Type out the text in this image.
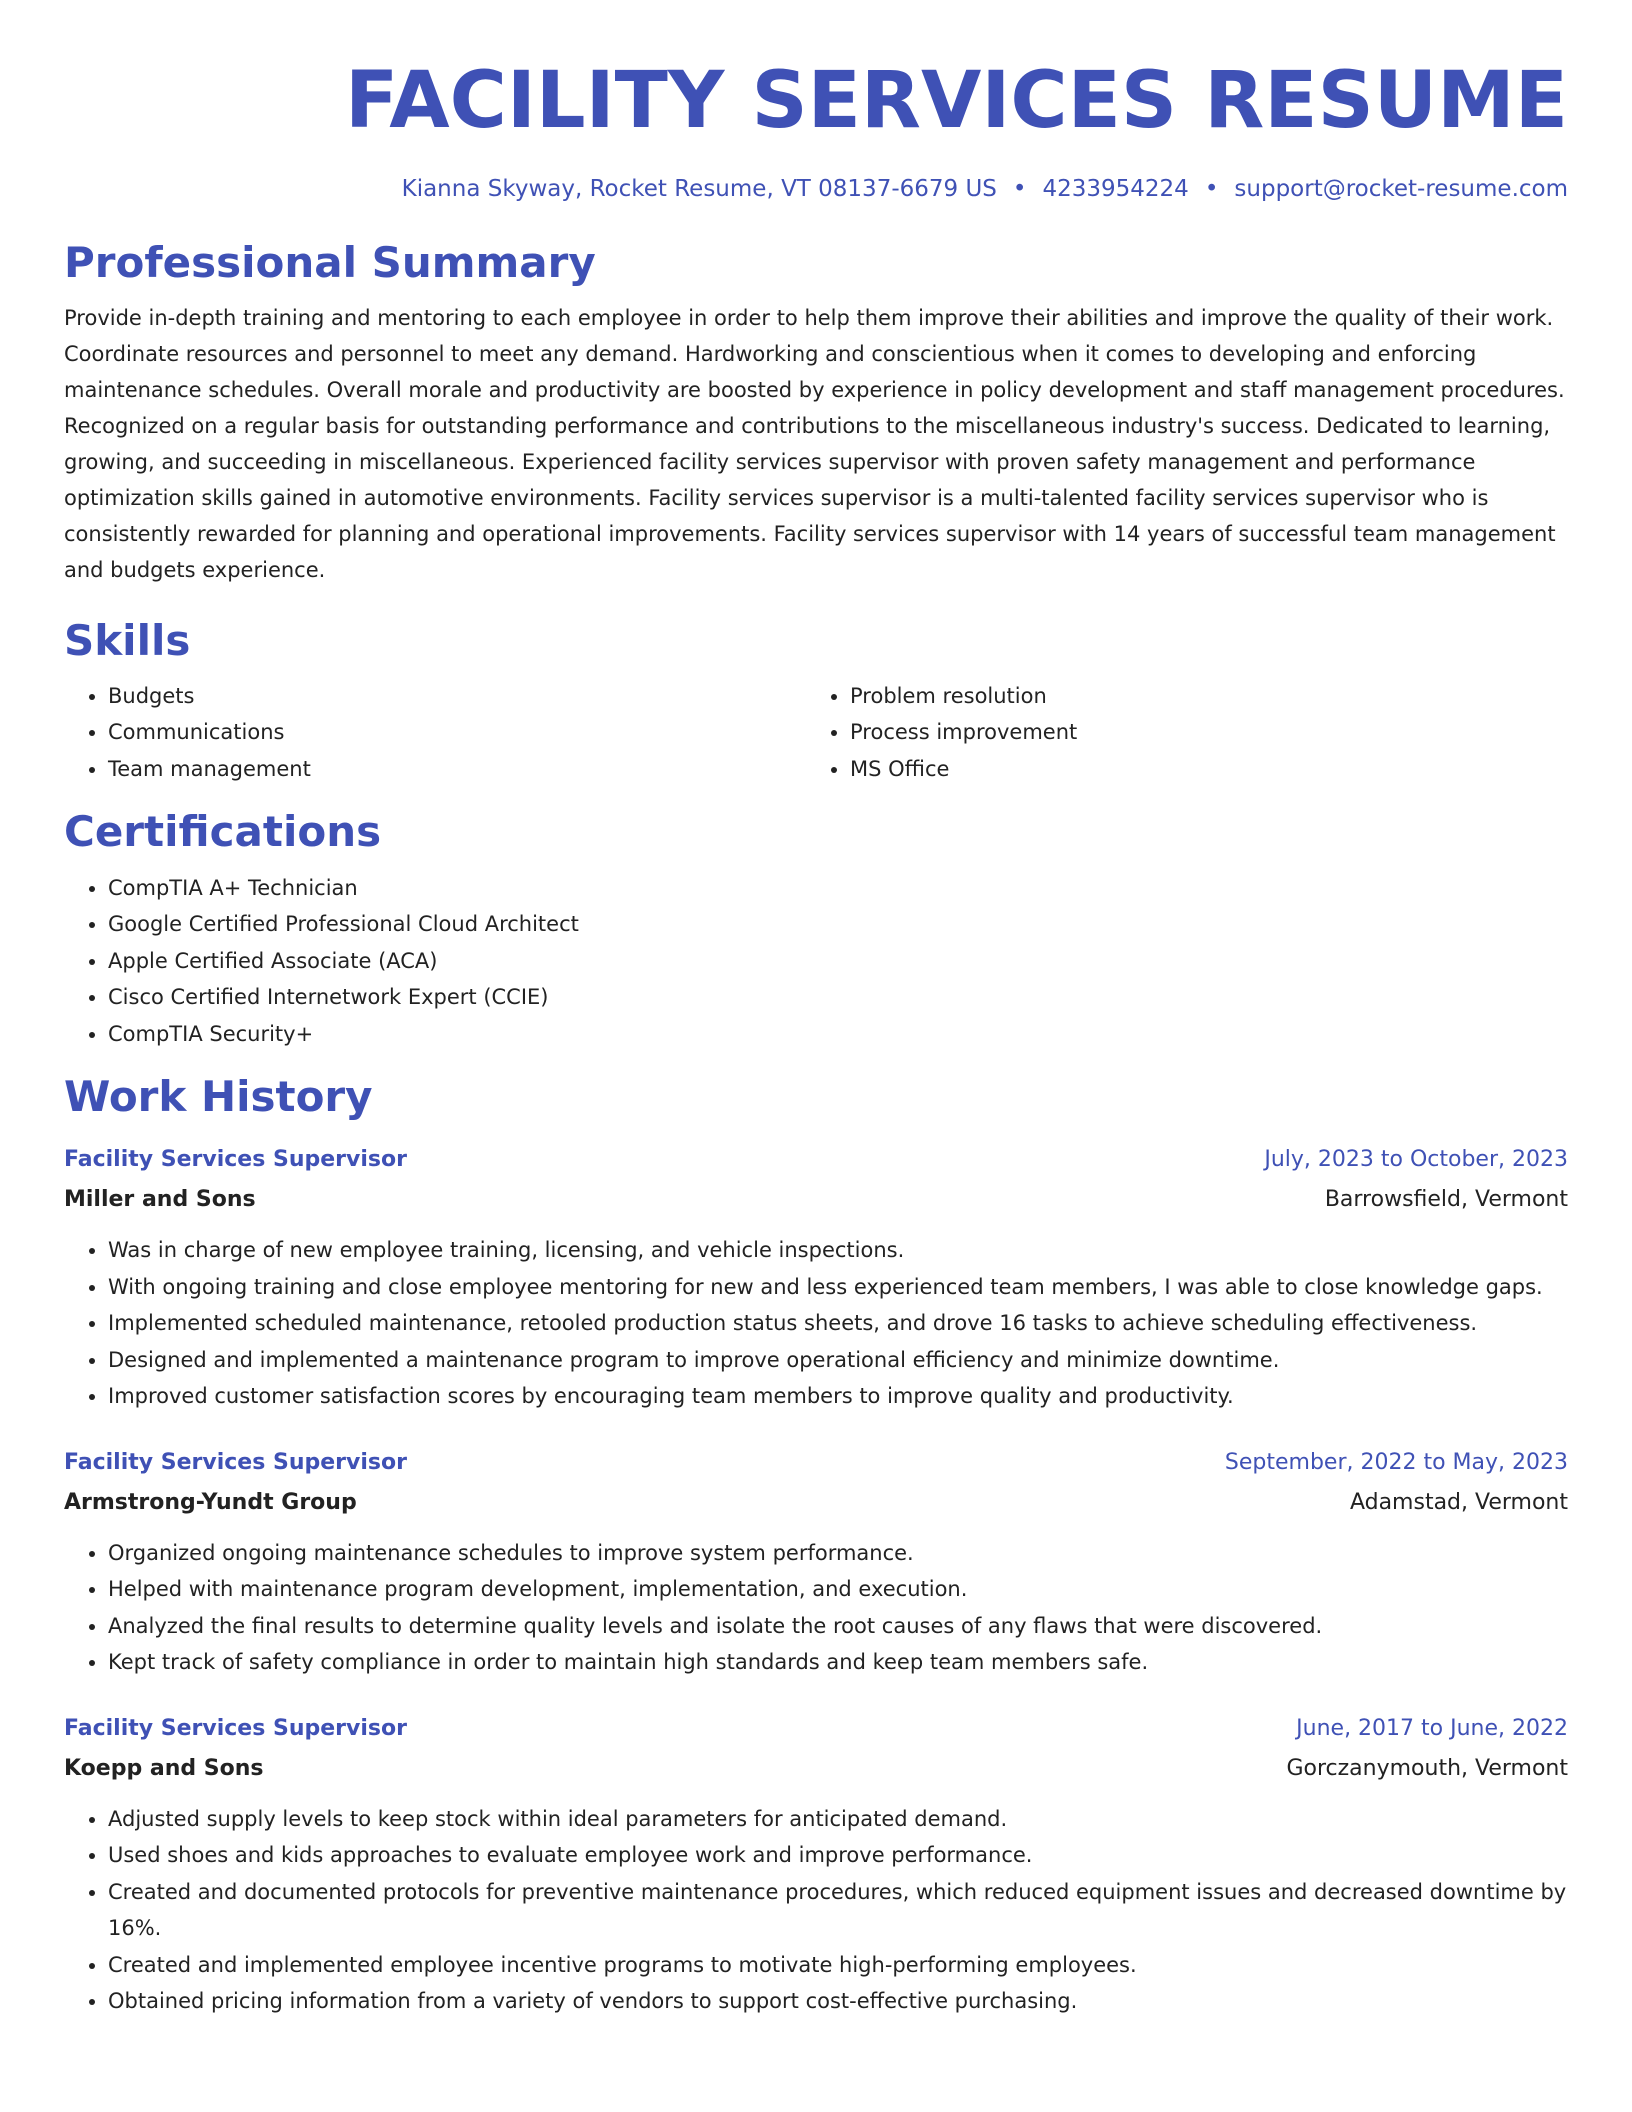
FACILITY SERVICES RESUME
Kianna Skyway, Rocket Resume, VT 08137-6679 US • 4233954224 • support@rocket-resume.com
Professional Summary
Provide in-depth training and mentoring to each employee in order to help them improve their abilities and improve the quality of their work. Coordinate resources and personnel to meet any demand. Hardworking and conscientious when it comes to developing and enforcing maintenance schedules. Overall morale and productivity are boosted by experience in policy development and staff management procedures. Recognized on a regular basis for outstanding performance and contributions to the miscellaneous industry's success. Dedicated to learning, growing, and succeeding in miscellaneous. Experienced facility services supervisor with proven safety management and performance optimization skills gained in automotive environments. Facility services supervisor is a multi-talented facility services supervisor who is consistently rewarded for planning and operational improvements. Facility services supervisor with 14 years of successful team management and budgets experience.
Skills
• Budgets
• Communications
• Team management
• Problem resolution
• Process improvement
• MS Office
Certifications
• CompTIA A+ Technician
• Google Certified Professional Cloud Architect
• Apple Certified Associate (ACA)
• Cisco Certified Internetwork Expert (CCIE)
• CompTIA Security+
Work History
Facility Services Supervisor	July, 2023 to October, 2023
Miller and Sons	Barrowsfield, Vermont
• Was in charge of new employee training, licensing, and vehicle inspections.
• With ongoing training and close employee mentoring for new and less experienced team members, I was able to close knowledge gaps.
• Implemented scheduled maintenance, retooled production status sheets, and drove 16 tasks to achieve scheduling effectiveness.
• Designed and implemented a maintenance program to improve operational efficiency and minimize downtime.
• Improved customer satisfaction scores by encouraging team members to improve quality and productivity.
Facility Services Supervisor	September, 2022 to May, 2023
Armstrong-Yundt Group	Adamstad, Vermont
• Organized ongoing maintenance schedules to improve system performance.
• Helped with maintenance program development, implementation, and execution.
• Analyzed the final results to determine quality levels and isolate the root causes of any flaws that were discovered.
• Kept track of safety compliance in order to maintain high standards and keep team members safe.
Facility Services Supervisor	June, 2017 to June, 2022
Koepp and Sons	Gorczanymouth, Vermont
• Adjusted supply levels to keep stock within ideal parameters for anticipated demand.
• Used shoes and kids approaches to evaluate employee work and improve performance.
• Created and documented protocols for preventive maintenance procedures, which reduced equipment issues and decreased downtime by 16%.
• Created and implemented employee incentive programs to motivate high-performing employees.
• Obtained pricing information from a variety of vendors to support cost-effective purchasing.
